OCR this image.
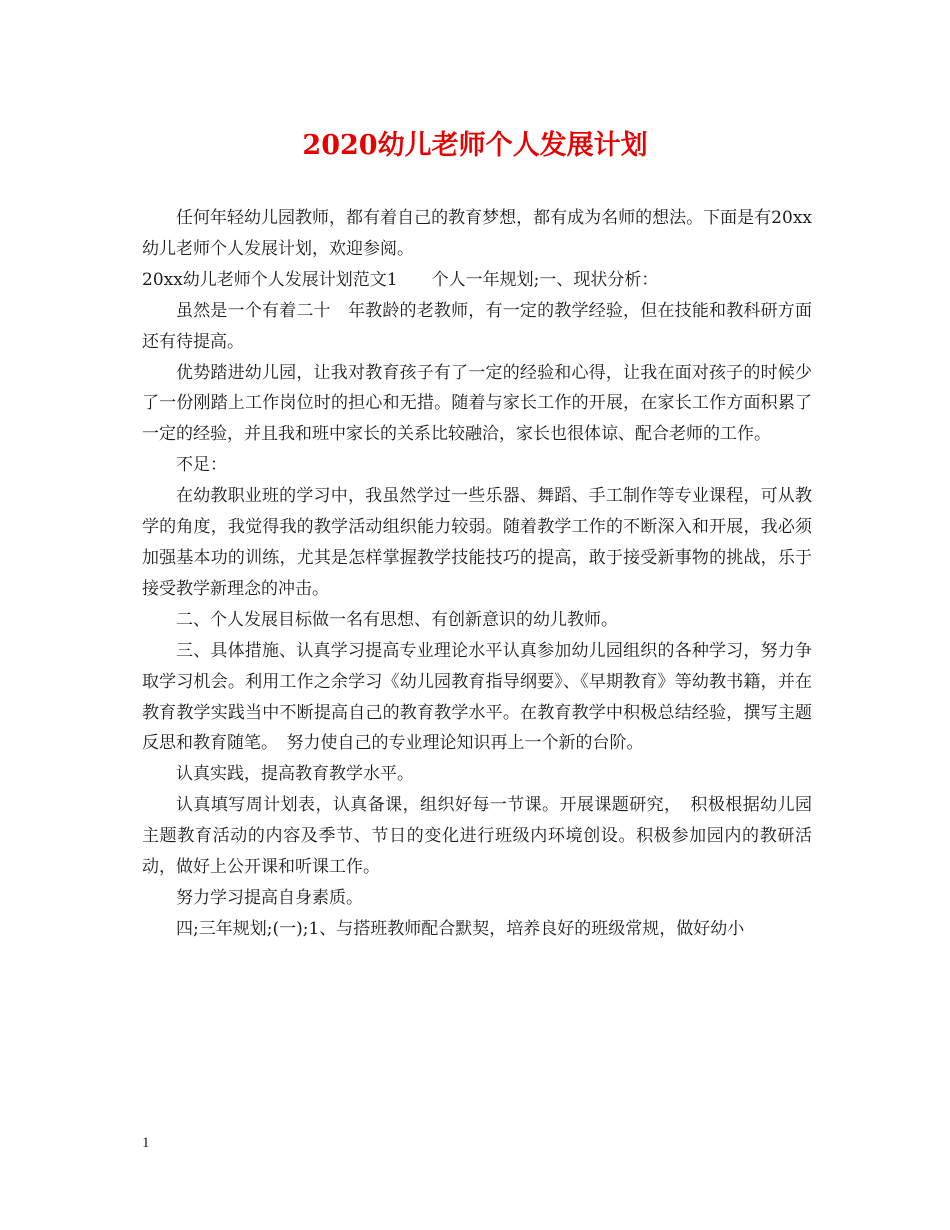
2020幼儿老师个人发展计划

任何年轻幼儿园教师，都有着自己的教育梦想，都有成为名师的想法。下面是有20xx幼儿老师个人发展计划，欢迎参阅。

20xx幼儿老师个人发展计划范文1　　个人一年规划;一、现状分析：

虽然是一个有着二十　年教龄的老教师，有一定的教学经验，但在技能和教科研方面还有待提高。

优势踏进幼儿园，让我对教育孩子有了一定的经验和心得，让我在面对孩子的时候少了一份刚踏上工作岗位时的担心和无措。随着与家长工作的开展，在家长工作方面积累了一定的经验，并且我和班中家长的关系比较融洽，家长也很体谅、配合老师的工作。

不足：

在幼教职业班的学习中，我虽然学过一些乐器、舞蹈、手工制作等专业课程，可从教学的角度，我觉得我的教学活动组织能力较弱。随着教学工作的不断深入和开展，我必须加强基本功的训练，尤其是怎样掌握教学技能技巧的提高，敢于接受新事物的挑战，乐于接受教学新理念的冲击。

二、个人发展目标做一名有思想、有创新意识的幼儿教师。

三、具体措施、认真学习提高专业理论水平认真参加幼儿园组织的各种学习，努力争取学习机会。利用工作之余学习《幼儿园教育指导纲要》、《早期教育》等幼教书籍，并在教育教学实践当中不断提高自己的教育教学水平。在教育教学中积极总结经验，撰写主题反思和教育随笔。　努力使自己的专业理论知识再上一个新的台阶。

认真实践，提高教育教学水平。

认真填写周计划表，认真备课，组织好每一节课。开展课题研究，　积极根据幼儿园主题教育活动的内容及季节、节日的变化进行班级内环境创设。积极参加园内的教研活动，做好上公开课和听课工作。

努力学习提高自身素质。

四;三年规划;(一);1、与搭班教师配合默契，培养良好的班级常规，做好幼小

1
